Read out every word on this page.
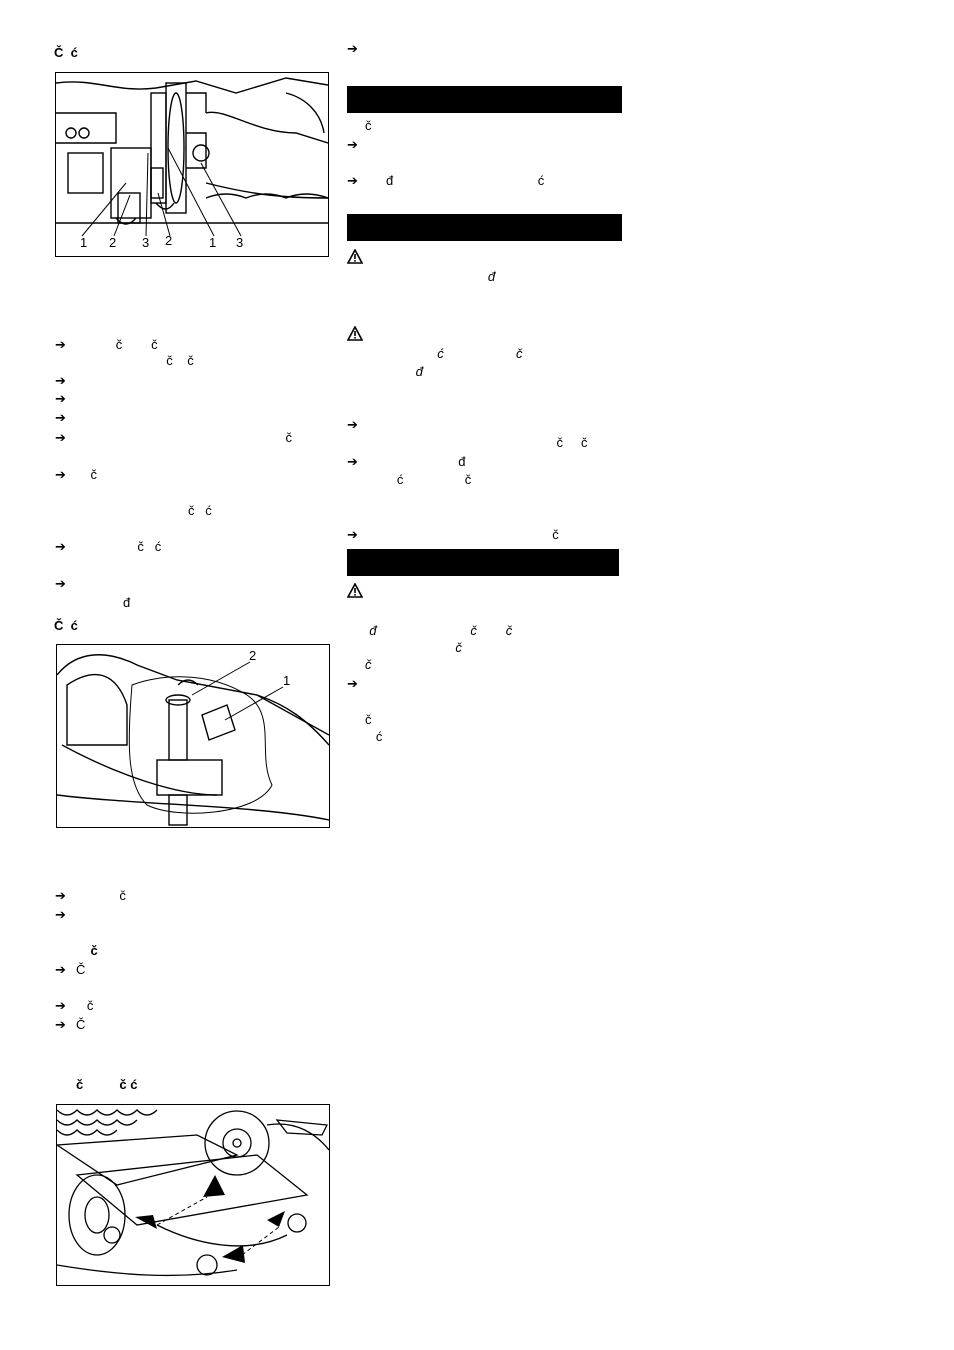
Č  ć
1 2 3 2	1 3
➔ č        č
č    č
➔
➔
➔
➔ č
➔ č
č   ć
➔ č   ć
➔
đ
Č  ć
2
1
➔ č
➔
č
➔ Č
➔ č
➔ Č
č          č ć
➔
č
➔
➔ đ                                        ć
đ
ć                    č
đ
➔
č     č
➔ đ
ć                 č
➔ č
đ                          č        č
č
č
➔
č
ć
